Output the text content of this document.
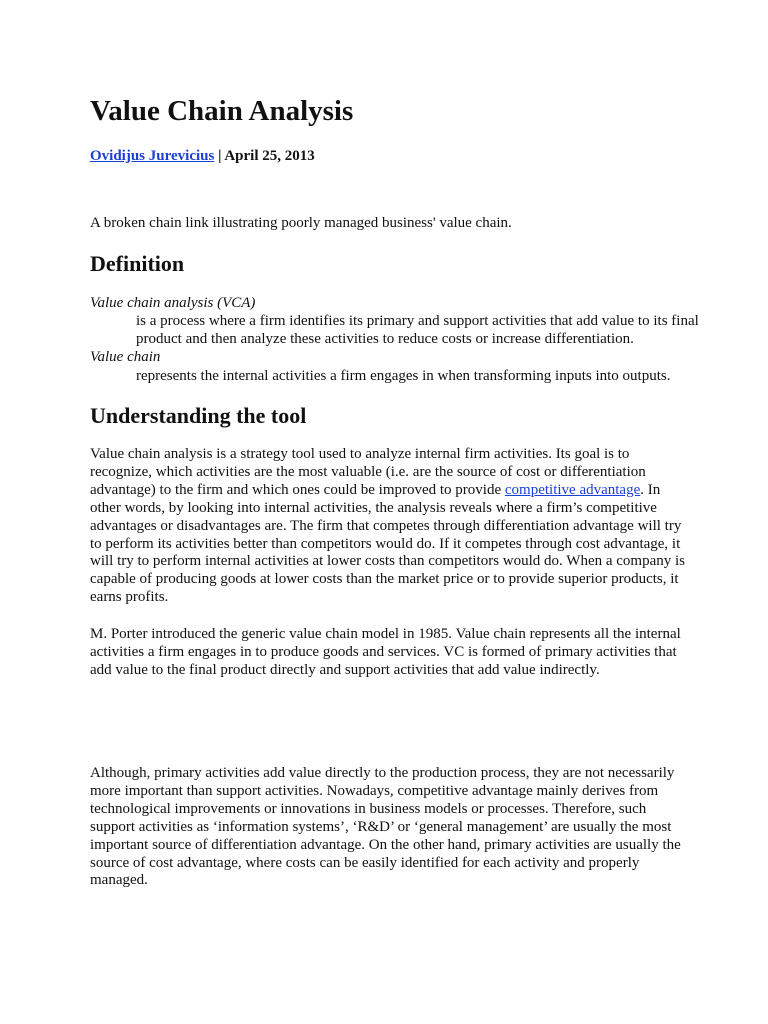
Value Chain Analysis
Ovidijus Jurevicius | April 25, 2013
A broken chain link illustrating poorly managed business' value chain.
Definition
Value chain analysis (VCA)
is a process where a firm identifies its primary and support activities that add value to its final product and then analyze these activities to reduce costs or increase differentiation.
Value chain
represents the internal activities a firm engages in when transforming inputs into outputs.
Understanding the tool
Value chain analysis is a strategy tool used to analyze internal firm activities. Its goal is to recognize, which activities are the most valuable (i.e. are the source of cost or differentiation advantage) to the firm and which ones could be improved to provide competitive advantage. In other words, by looking into internal activities, the analysis reveals where a firm’s competitive advantages or disadvantages are. The firm that competes through differentiation advantage will try to perform its activities better than competitors would do. If it competes through cost advantage, it will try to perform internal activities at lower costs than competitors would do. When a company is capable of producing goods at lower costs than the market price or to provide superior products, it earns profits.
M. Porter introduced the generic value chain model in 1985. Value chain represents all the internal activities a firm engages in to produce goods and services. VC is formed of primary activities that add value to the final product directly and support activities that add value indirectly.
Although, primary activities add value directly to the production process, they are not necessarily more important than support activities. Nowadays, competitive advantage mainly derives from technological improvements or innovations in business models or processes. Therefore, such support activities as ‘information systems’, ‘R&D’ or ‘general management’ are usually the most important source of differentiation advantage. On the other hand, primary activities are usually the source of cost advantage, where costs can be easily identified for each activity and properly managed.
